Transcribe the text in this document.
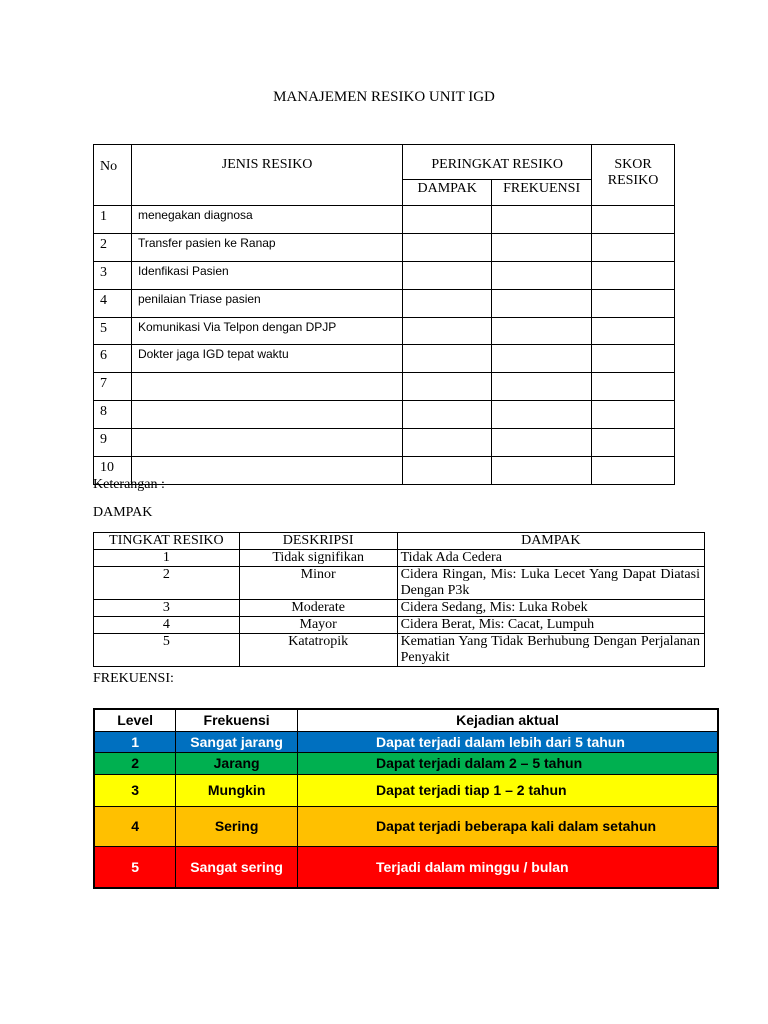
MANAJEMEN RESIKO UNIT IGD
No	JENIS RESIKO	PERINGKAT RESIKO		SKOR
RESIKO
		DAMPAK	FREKUENSI	
1	menegakan diagnosa			
2	Transfer pasien ke Ranap			
3	Idenfikasi Pasien			
4	penilaian Triase pasien			
5	Komunikasi Via Telpon dengan DPJP			
6	Dokter jaga IGD tepat waktu			
7				
8				
9				
10				
Keterangan :
DAMPAK
TINGKAT RESIKO	DESKRIPSI	DAMPAK
1	Tidak signifikan	Tidak Ada Cedera
2	Minor	Cidera Ringan, Mis: Luka Lecet Yang Dapat Diatasi Dengan P3k
3	Moderate	Cidera Sedang, Mis: Luka Robek
4	Mayor	Cidera Berat, Mis: Cacat, Lumpuh
5	Katatropik	Kematian Yang Tidak Berhubung Dengan Perjalanan Penyakit
FREKUENSI:
Level	Frekuensi	Kejadian aktual
1	Sangat jarang	Dapat terjadi dalam lebih dari 5 tahun
2	Jarang	Dapat terjadi dalam 2 – 5 tahun
3	Mungkin	Dapat terjadi tiap 1 – 2 tahun
4	Sering	Dapat terjadi beberapa kali dalam setahun
5	Sangat sering	Terjadi dalam minggu / bulan
